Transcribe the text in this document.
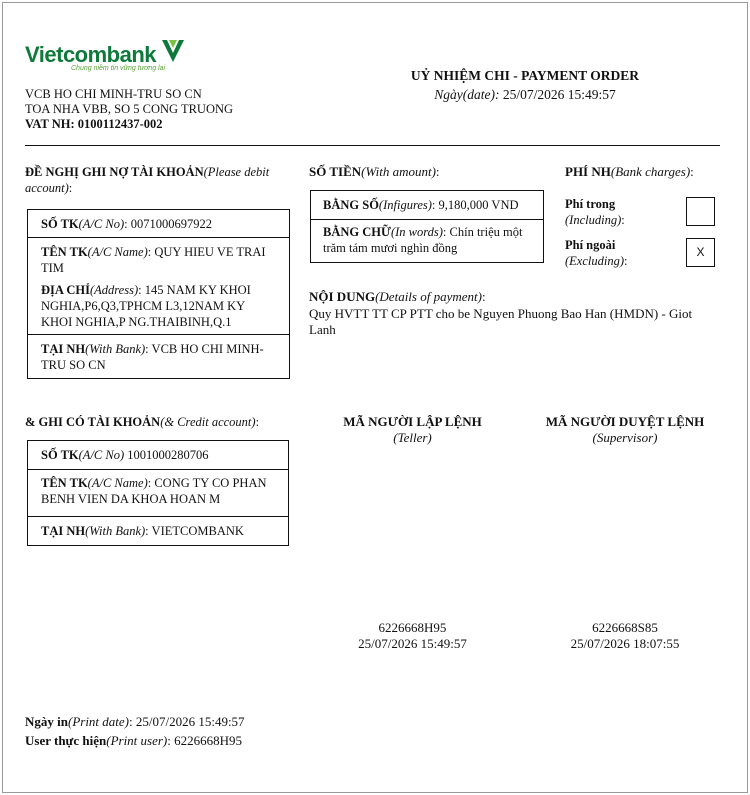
Vietcombank
Chung niềm tin vững tương lai
VCB HO CHI MINH-TRU SO CN
TOA NHA VBB, SO 5 CONG TRUONG
VAT NH: 0100112437-002
UỶ NHIỆM CHI - PAYMENT ORDER
Ngày(date): 25/07/2026 15:49:57
ĐỀ NGHỊ GHI NỢ TÀI KHOẢN(Please debit account):
SỐ TK(A/C No): 0071000697922
TÊN TK(A/C Name): QUY HIEU VE TRAI TIM
ĐỊA CHỈ(Address): 145 NAM KY KHOI NGHIA,P6,Q3,TPHCM L3,12NAM KY KHOI NGHIA,P NG.THAIBINH,Q.1
TẠI NH(With Bank): VCB HO CHI MINH-TRU SO CN
SỐ TIỀN(With amount):
BẰNG SỐ(Infigures): 9,180,000 VND
BẰNG CHỮ(In words): Chín triệu một trăm tám mươi nghìn đồng
PHÍ NH(Bank charges):
Phí trong
(Including):
Phí ngoài
(Excluding):
X
NỘI DUNG(Details of payment):
Quy HVTT TT CP PTT cho be Nguyen Phuong Bao Han (HMDN) - Giot Lanh
& GHI CÓ TÀI KHOẢN(& Credit account):
SỐ TK(A/C No) 1001000280706
TÊN TK(A/C Name): CONG TY CO PHAN BENH VIEN DA KHOA HOAN M
TẠI NH(With Bank): VIETCOMBANK
MÃ NGƯỜI LẬP LỆNH
(Teller)
6226668H95
25/07/2026 15:49:57
MÃ NGƯỜI DUYỆT LỆNH
(Supervisor)
6226668S85
25/07/2026 18:07:55
Ngày in(Print date): 25/07/2026 15:49:57
User thực hiện(Print user): 6226668H95
